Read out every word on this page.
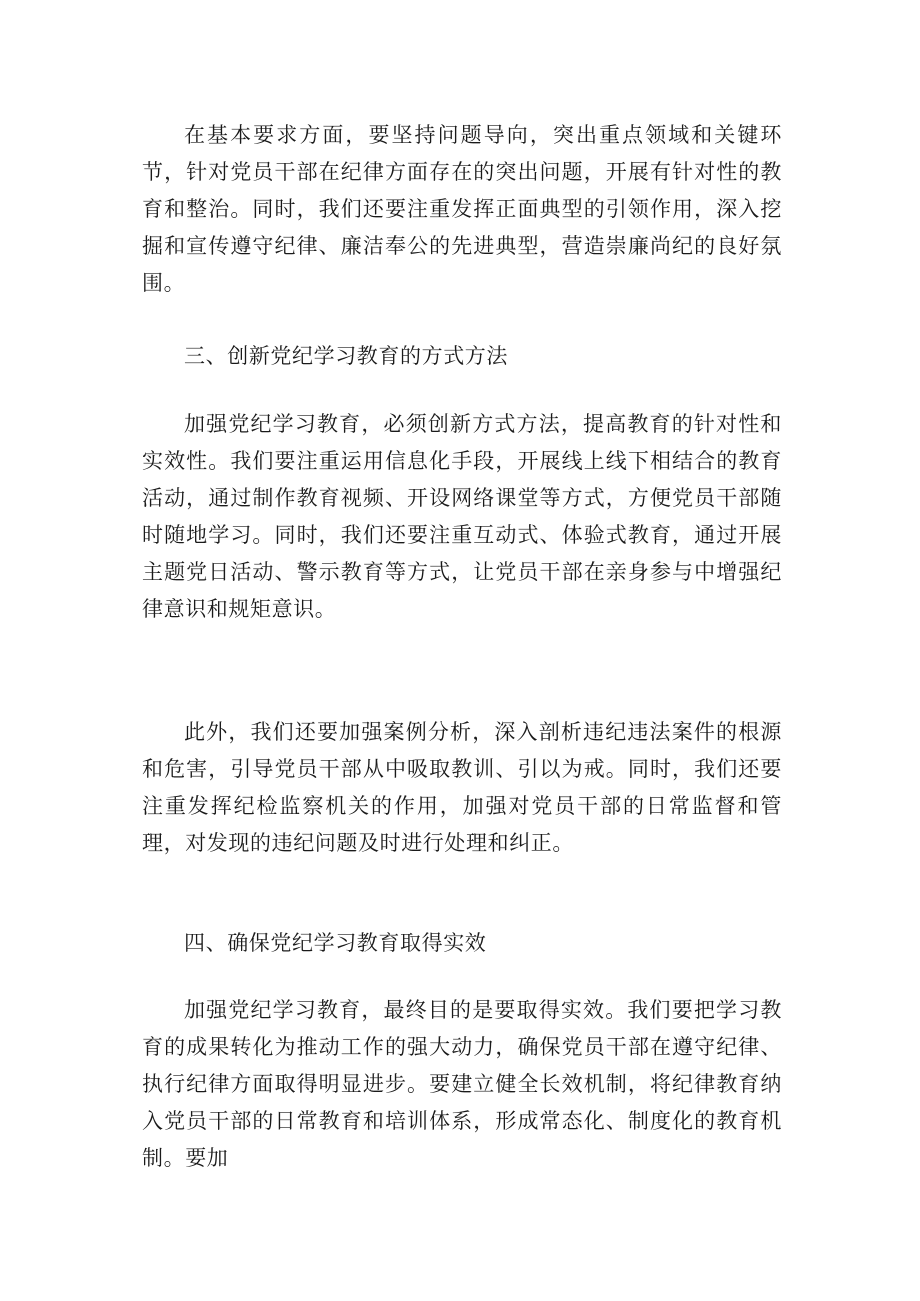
在基本要求方面，要坚持问题导向，突出重点领域和关键环节，针对党员干部在纪律方面存在的突出问题，开展有针对性的教育和整治。同时，我们还要注重发挥正面典型的引领作用，深入挖掘和宣传遵守纪律、廉洁奉公的先进典型，营造崇廉尚纪的良好氛围。

三、创新党纪学习教育的方式方法

加强党纪学习教育，必须创新方式方法，提高教育的针对性和实效性。我们要注重运用信息化手段，开展线上线下相结合的教育活动，通过制作教育视频、开设网络课堂等方式，方便党员干部随时随地学习。同时，我们还要注重互动式、体验式教育，通过开展主题党日活动、警示教育等方式，让党员干部在亲身参与中增强纪律意识和规矩意识。

此外，我们还要加强案例分析，深入剖析违纪违法案件的根源和危害，引导党员干部从中吸取教训、引以为戒。同时，我们还要注重发挥纪检监察机关的作用，加强对党员干部的日常监督和管理，对发现的违纪问题及时进行处理和纠正。

四、确保党纪学习教育取得实效

加强党纪学习教育，最终目的是要取得实效。我们要把学习教育的成果转化为推动工作的强大动力，确保党员干部在遵守纪律、执行纪律方面取得明显进步。要建立健全长效机制，将纪律教育纳入党员干部的日常教育和培训体系，形成常态化、制度化的教育机制。要加
